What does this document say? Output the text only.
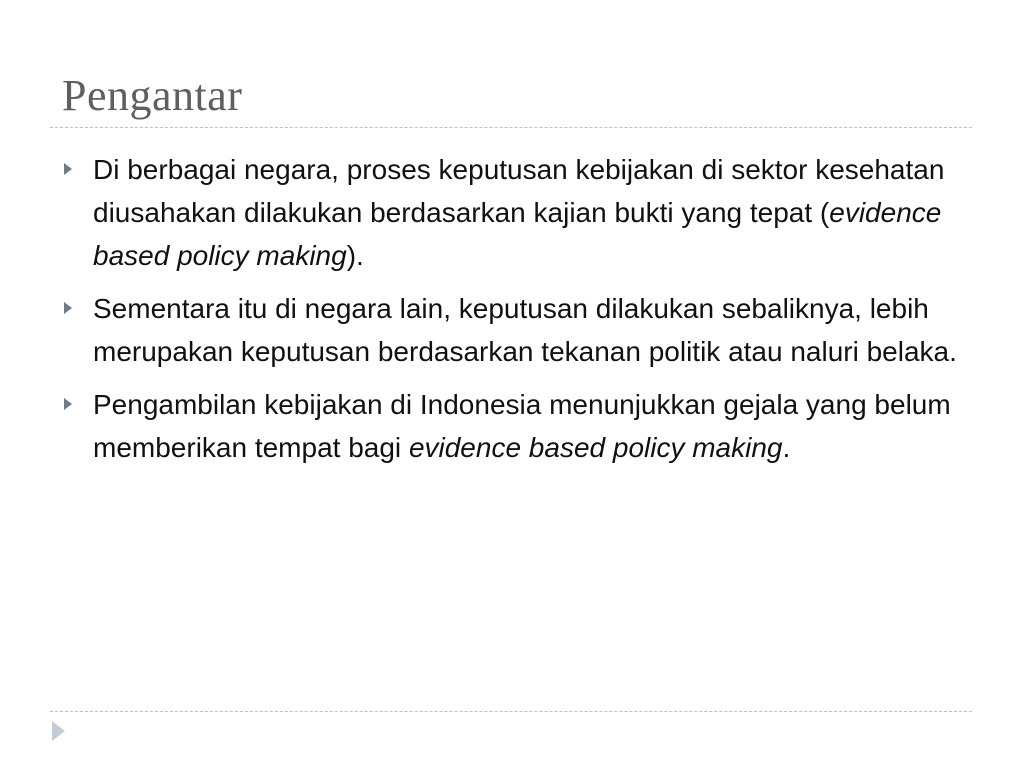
Pengantar
Di berbagai negara, proses keputusan kebijakan di sektor kesehatan diusahakan dilakukan berdasarkan kajian bukti yang tepat (evidence based policy making).
Sementara itu di negara lain, keputusan dilakukan sebaliknya, lebih merupakan keputusan berdasarkan tekanan politik atau naluri belaka.
Pengambilan kebijakan di Indonesia menunjukkan gejala yang belum memberikan tempat bagi evidence based policy making.
